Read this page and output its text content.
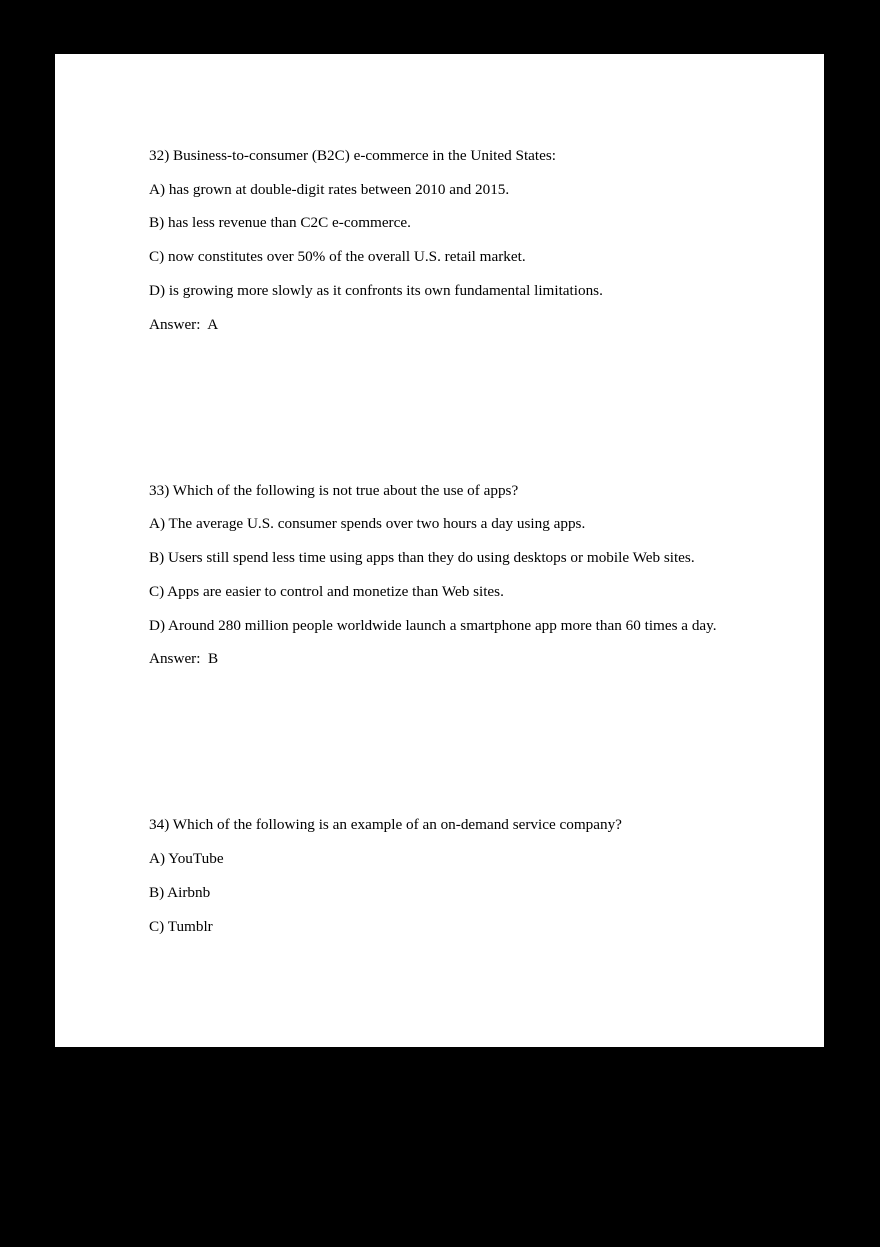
32) Business-to-consumer (B2C) e-commerce in the United States:

A) has grown at double-digit rates between 2010 and 2015.

B) has less revenue than C2C e-commerce.

C) now constitutes over 50% of the overall U.S. retail market.

D) is growing more slowly as it confronts its own fundamental limitations.

Answer:  A

33) Which of the following is not true about the use of apps?

A) The average U.S. consumer spends over two hours a day using apps.

B) Users still spend less time using apps than they do using desktops or mobile Web sites.

C) Apps are easier to control and monetize than Web sites.

D) Around 280 million people worldwide launch a smartphone app more than 60 times a day.

Answer:  B

34) Which of the following is an example of an on-demand service company?

A) YouTube

B) Airbnb

C) Tumblr
